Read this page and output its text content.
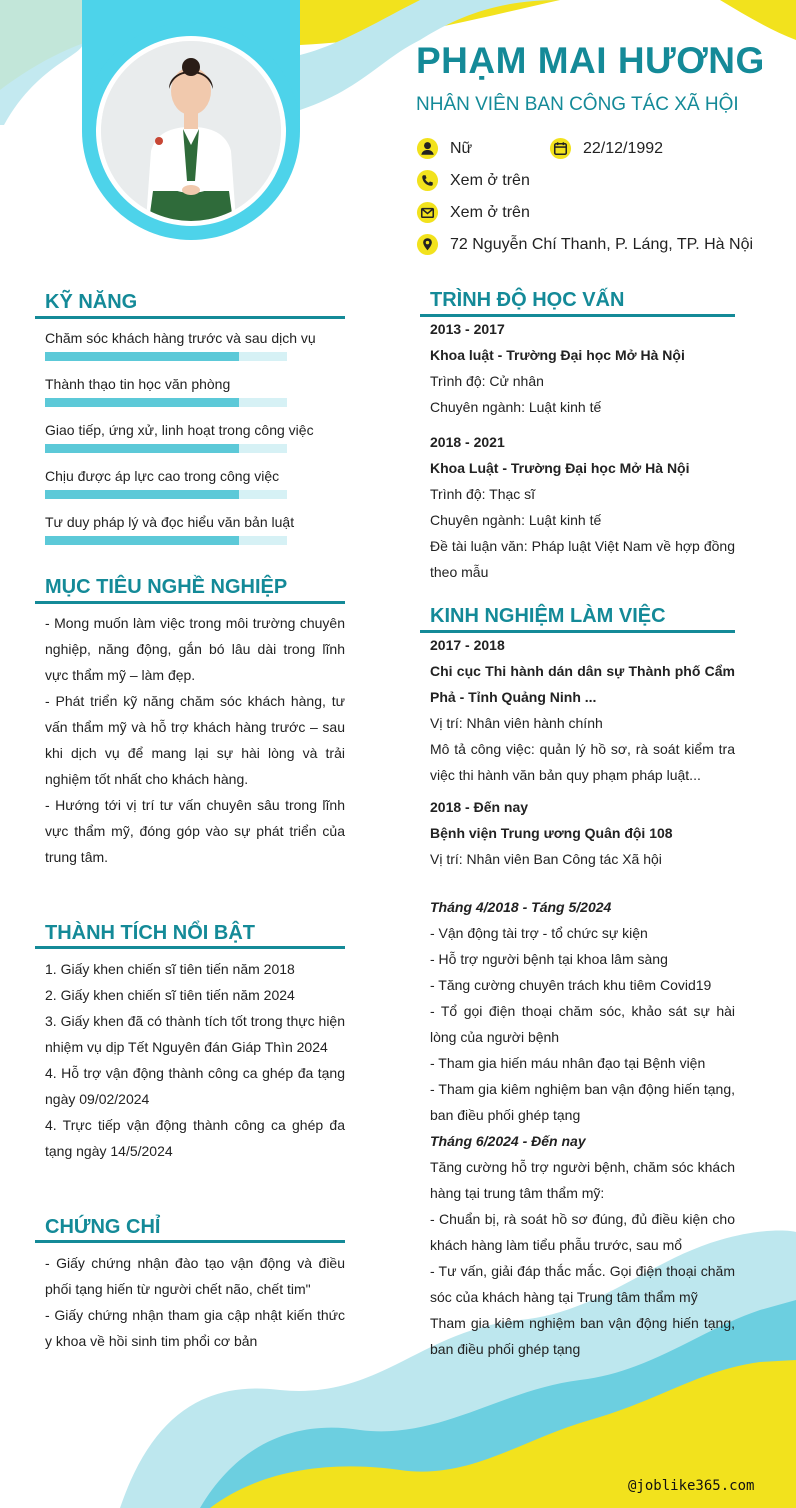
PHẠM MAI HƯƠNG
NHÂN VIÊN BAN CÔNG TÁC XÃ HỘI
Nữ	22/12/1992
Xem ở trên
Xem ở trên
72 Nguyễn Chí Thanh, P. Láng, TP. Hà Nội
KỸ NĂNG
Chăm sóc khách hàng trước và sau dịch vụ
Thành thạo tin học văn phòng
Giao tiếp, ứng xử, linh hoạt trong công việc
Chịu được áp lực cao trong công việc
Tư duy pháp lý và đọc hiểu văn bản luật
MỤC TIÊU NGHỀ NGHIỆP

- Mong muốn làm việc trong môi trường chuyên nghiệp, năng động, gắn bó lâu dài trong lĩnh vực thẩm mỹ – làm đẹp.

- Phát triển kỹ năng chăm sóc khách hàng, tư vấn thẩm mỹ và hỗ trợ khách hàng trước – sau khi dịch vụ để mang lại sự hài lòng và trải nghiệm tốt nhất cho khách hàng.

- Hướng tới vị trí tư vấn chuyên sâu trong lĩnh vực thẩm mỹ, đóng góp vào sự phát triển của trung tâm.

THÀNH TÍCH NỔI BẬT

1. Giấy khen chiến sĩ tiên tiến năm 2018

2. Giấy khen chiến sĩ tiên tiến năm 2024

3. Giấy khen đã có thành tích tốt trong thực hiện nhiệm vụ dịp Tết Nguyên đán Giáp Thìn 2024

4. Hỗ trợ vận động thành công ca ghép đa tạng ngày 09/02/2024

4. Trực tiếp vận động thành công ca ghép đa tạng ngày 14/5/2024

CHỨNG CHỈ

- Giấy chứng nhận đào tạo vận động và điều phối tạng hiến từ người chết não, chết tim"

- Giấy chứng nhận tham gia cập nhật kiến thức y khoa về hồi sinh tim phổi cơ bản

TRÌNH ĐỘ HỌC VẤN

2013 - 2017

Khoa luật - Trường Đại học Mở Hà Nội

Trình độ: Cử nhân

Chuyên ngành: Luật kinh tế

2018 - 2021

Khoa Luật - Trường Đại học Mở Hà Nội

Trình độ: Thạc sĩ

Chuyên ngành: Luật kinh tế

Đề tài luận văn: Pháp luật Việt Nam về hợp đồng theo mẫu

KINH NGHIỆM LÀM VIỆC

2017 - 2018

Chi cục Thi hành dán dân sự Thành phố Cẩm Phả - Tỉnh Quảng Ninh ...

Vị trí: Nhân viên hành chính

Mô tả công việc: quản lý hồ sơ, rà soát kiểm tra việc thi hành văn bản quy phạm pháp luật...

2018 - Đến nay

Bệnh viện Trung ương Quân đội 108

Vị trí: Nhân viên Ban Công tác Xã hội

Tháng 4/2018 - Táng 5/2024

- Vận động tài trợ - tổ chức sự kiện

- Hỗ trợ người bệnh tại khoa lâm sàng

- Tăng cường chuyên trách khu tiêm Covid19

- Tổ gọi điện thoại chăm sóc, khảo sát sự hài lòng của người bệnh

- Tham gia hiến máu nhân đạo tại Bệnh viện

- Tham gia kiêm nghiệm ban vận động hiến tạng, ban điều phối ghép tạng

Tháng 6/2024 - Đến nay

Tăng cường hỗ trợ người bệnh, chăm sóc khách hàng tại trung tâm thẩm mỹ:

- Chuẩn bị, rà soát hồ sơ đúng, đủ điều kiện cho khách hàng làm tiểu phẫu trước, sau mổ

- Tư vấn, giải đáp thắc mắc. Gọi điện thoại chăm sóc của khách hàng tại Trung tâm thẩm mỹ

Tham gia kiêm nghiệm ban vận động hiến tạng, ban điều phối ghép tạng

@joblike365.com
